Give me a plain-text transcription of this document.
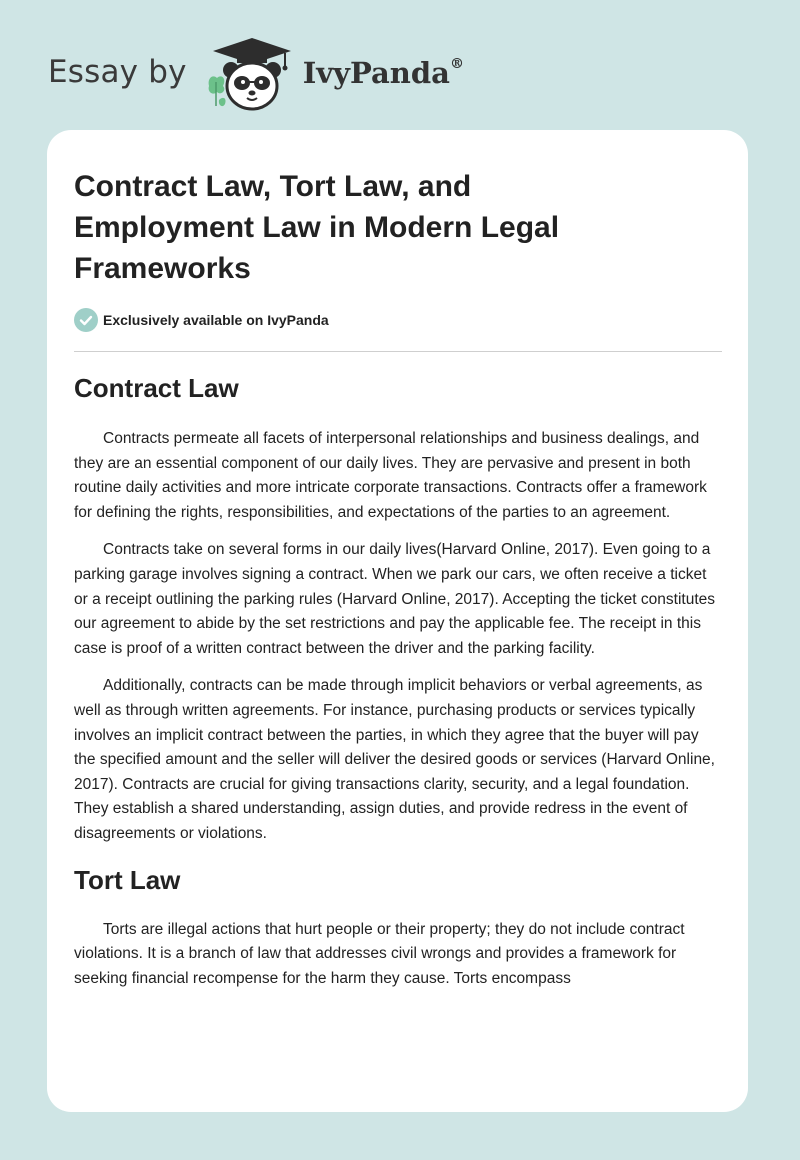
Essay by	IvyPanda®
Contract Law, Tort Law, and Employment Law in Modern Legal Frameworks
Exclusively available on IvyPanda
Contract Law

Contracts permeate all facets of interpersonal relationships and business dealings, and they are an essential component of our daily lives. They are pervasive and present in both routine daily activities and more intricate corporate transactions. Contracts offer a framework for defining the rights, responsibilities, and expectations of the parties to an agreement.

Contracts take on several forms in our daily lives(Harvard Online, 2017). Even going to a parking garage involves signing a contract. When we park our cars, we often receive a ticket or a receipt outlining the parking rules (Harvard Online, 2017). Accepting the ticket constitutes our agreement to abide by the set restrictions and pay the applicable fee. The receipt in this case is proof of a written contract between the driver and the parking facility.

Additionally, contracts can be made through implicit behaviors or verbal agreements, as well as through written agreements. For instance, purchasing products or services typically involves an implicit contract between the parties, in which they agree that the buyer will pay the specified amount and the seller will deliver the desired goods or services (Harvard Online, 2017). Contracts are crucial for giving transactions clarity, security, and a legal foundation. They establish a shared understanding, assign duties, and provide redress in the event of disagreements or violations.

Tort Law

Torts are illegal actions that hurt people or their property; they do not include contract violations. It is a branch of law that addresses civil wrongs and provides a framework for seeking financial recompense for the harm they cause. Torts encompass
